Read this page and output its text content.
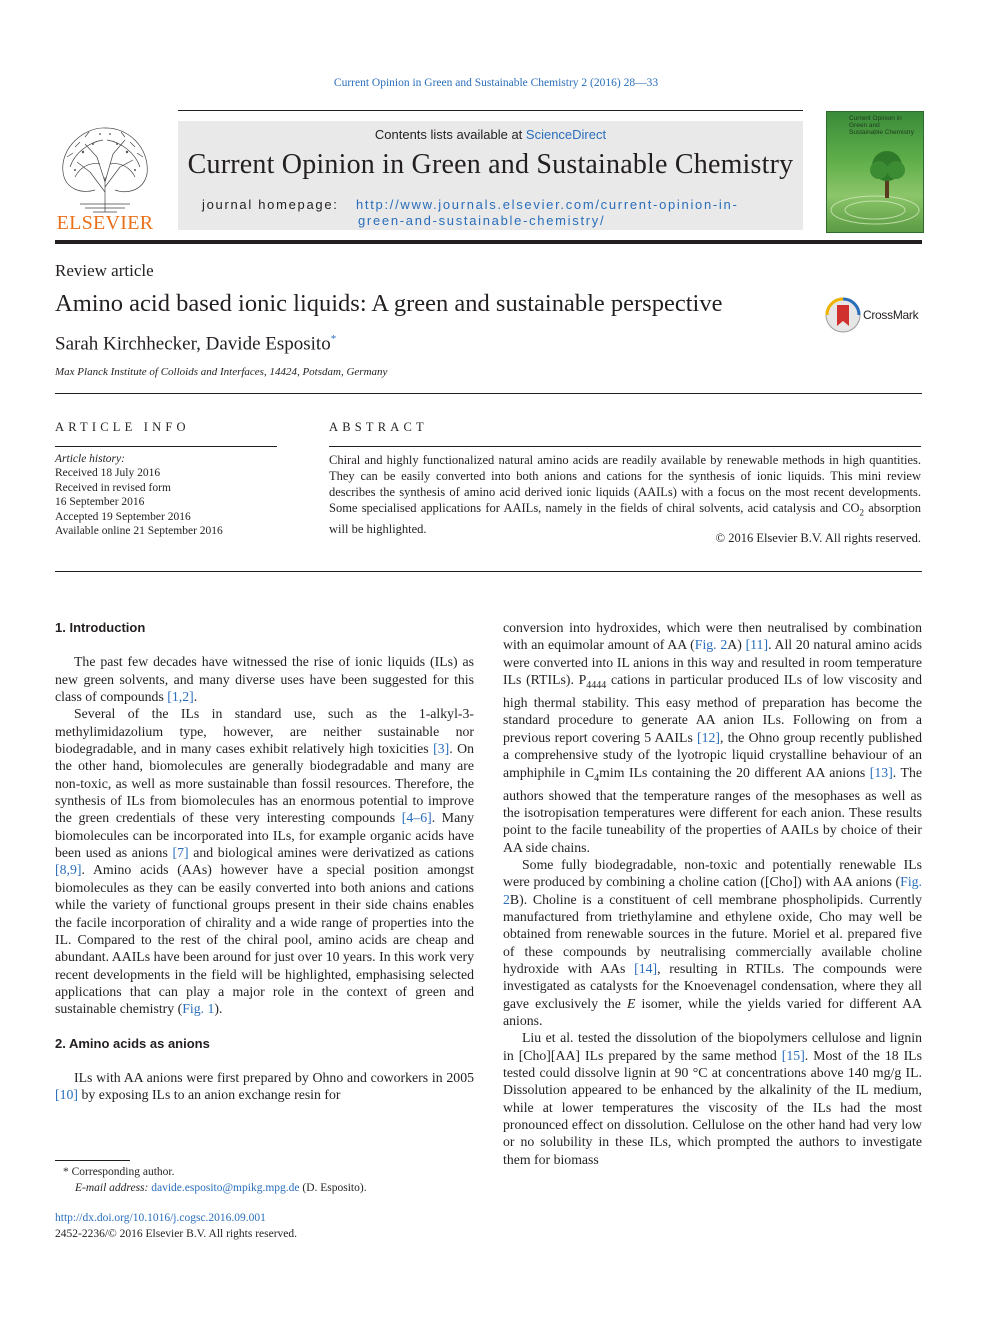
Current Opinion in Green and Sustainable Chemistry 2 (2016) 28—33
ELSEVIER
Contents lists available at ScienceDirect
Current Opinion in Green and Sustainable Chemistry
journal homepage: http://www.journals.elsevier.com/current-opinion-in-
green-and-sustainable-chemistry/
Current Opinion in
Green and
Sustainable Chemistry
Review article
Amino acid based ionic liquids: A green and sustainable perspective
Sarah Kirchhecker, Davide Esposito*
Max Planck Institute of Colloids and Interfaces, 14424, Potsdam, Germany
CrossMark
ARTICLE INFO
Article history:
Received 18 July 2016
Received in revised form
16 September 2016
Accepted 19 September 2016
Available online 21 September 2016
ABSTRACT
Chiral and highly functionalized natural amino acids are readily available by renewable methods in high quantities. They can be easily converted into both anions and cations for the synthesis of ionic liquids. This mini review describes the synthesis of amino acid derived ionic liquids (AAILs) with a focus on the most recent developments. Some specialised applications for AAILs, namely in the fields of chiral solvents, acid catalysis and $CO_2$ absorption will be highlighted.
© 2016 Elsevier B.V. All rights reserved.
1. Introduction

The past few decades have witnessed the rise of ionic liquids (ILs) as new green solvents, and many diverse uses have been suggested for this class of compounds [1,2].

Several of the ILs in standard use, such as the 1-alkyl-3-methylimidazolium type, however, are neither sustainable nor biodegradable, and in many cases exhibit relatively high toxicities [3]. On the other hand, biomolecules are generally biodegradable and many are non-toxic, as well as more sustainable than fossil resources. Therefore, the synthesis of ILs from biomolecules has an enormous potential to improve the green credentials of these very interesting compounds [4–6]. Many biomolecules can be incorporated into ILs, for example organic acids have been used as anions [7] and biological amines were derivatized as cations [8,9]. Amino acids (AAs) however have a special position amongst biomolecules as they can be easily converted into both anions and cations while the variety of functional groups present in their side chains enables the facile incorporation of chirality and a wide range of properties into the IL. Compared to the rest of the chiral pool, amino acids are cheap and abundant. AAILs have been around for just over 10 years. In this work very recent developments in the field will be highlighted, emphasising selected applications that can play a major role in the context of green and sustainable chemistry (Fig. 1).

2. Amino acids as anions

ILs with AA anions were first prepared by Ohno and coworkers in 2005 [10] by exposing ILs to an anion exchange resin for

* Corresponding author.
E-mail address: davide.esposito@mpikg.mpg.de (D. Esposito).
http://dx.doi.org/10.1016/j.cogsc.2016.09.001
2452-2236/© 2016 Elsevier B.V. All rights reserved.

conversion into hydroxides, which were then neutralised by combination with an equimolar amount of AA (Fig. 2A) [11]. All 20 natural amino acids were converted into IL anions in this way and resulted in room temperature ILs (RTILs). $P_{4444}$ cations in particular produced ILs of low viscosity and high thermal stability. This easy method of preparation has become the standard procedure to generate AA anion ILs. Following on from a previous report covering 5 AAILs [12], the Ohno group recently published a comprehensive study of the lyotropic liquid crystalline behaviour of an amphiphile in $C_4mim$ ILs containing the 20 different AA anions [13]. The authors showed that the temperature ranges of the mesophases as well as the isotropisation temperatures were different for each anion. These results point to the facile tuneability of the properties of AAILs by choice of their AA side chains.

Some fully biodegradable, non-toxic and potentially renewable ILs were produced by combining a choline cation ([Cho]) with AA anions (Fig. 2B). Choline is a constituent of cell membrane phospholipids. Currently manufactured from triethylamine and ethylene oxide, Cho may well be obtained from renewable sources in the future. Moriel et al. prepared five of these compounds by neutralising commercially available choline hydroxide with AAs [14], resulting in RTILs. The compounds were investigated as catalysts for the Knoevenagel condensation, where they all gave exclusively the E isomer, while the yields varied for different AA anions.

Liu et al. tested the dissolution of the biopolymers cellulose and lignin in [Cho][AA] ILs prepared by the same method [15]. Most of the 18 ILs tested could dissolve lignin at 90 °C at concentrations above 140 mg/g IL. Dissolution appeared to be enhanced by the alkalinity of the IL medium, while at lower temperatures the viscosity of the ILs had the most pronounced effect on dissolution. Cellulose on the other hand had very low or no solubility in these ILs, which prompted the authors to investigate them for biomass
